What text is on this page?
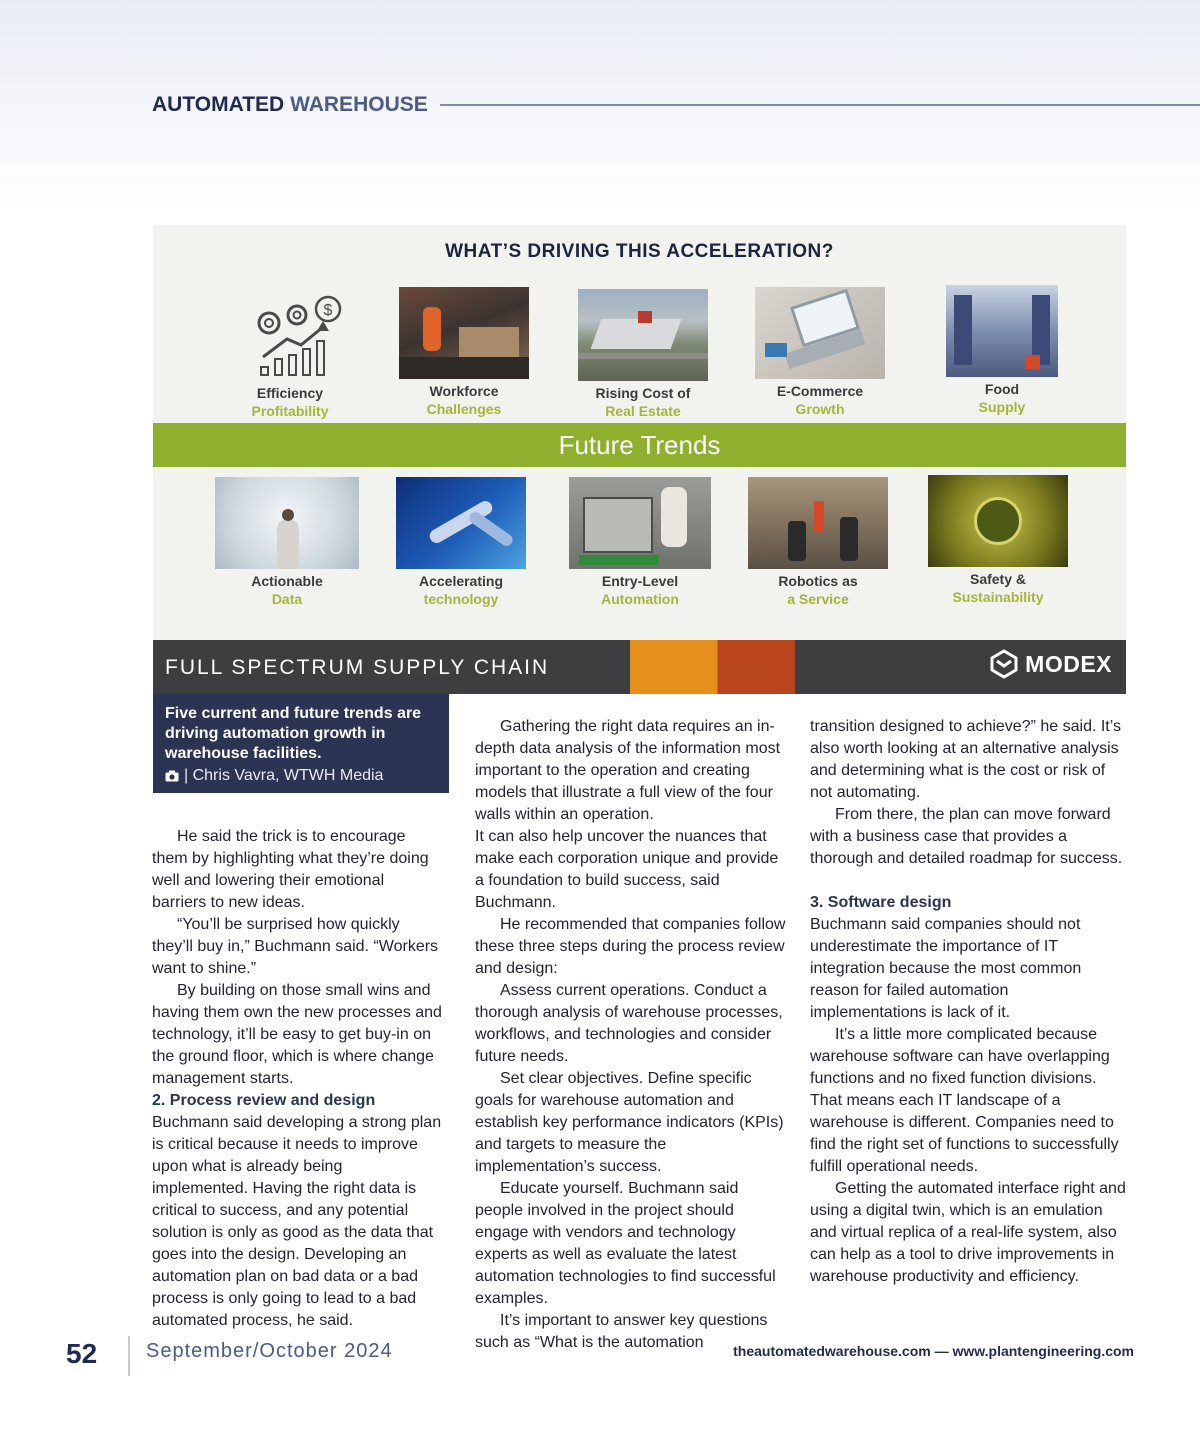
AUTOMATED WAREHOUSE
WHAT’S DRIVING THIS ACCELERATION?
$
Efficiency
Profitability
Workforce
Challenges
Rising Cost of
Real Estate
E-Commerce
Growth
Food
Supply
Future Trends
Actionable
Data
Accelerating
technology
Entry-Level
Automation
Robotics as
a Service
Safety &
Sustainability
FULL SPECTRUM SUPPLY CHAIN	MODEX
Five current and future trends are driving automation growth in warehouse facilities.
| Chris Vavra, WTWH Media

He said the trick is to encourage them by highlighting what they’re doing well and lowering their emotional barriers to new ideas.

“You’ll be surprised how quickly they’ll buy in,” Buchmann said. “Workers want to shine.”

By building on those small wins and having them own the new processes and technology, it’ll be easy to get buy-in on the ground floor, which is where change management starts.

2. Process review and design

Buchmann said developing a strong plan is critical because it needs to improve upon what is already being implemented. Having the right data is critical to success, and any potential solution is only as good as the data that goes into the design. Developing an automation plan on bad data or a bad process is only going to lead to a bad automated process, he said.

Gathering the right data requires an in-depth data analysis of the information most important to the operation and creating models that illustrate a full view of the four walls within an operation.

It can also help uncover the nuances that make each corporation unique and provide a foundation to build success, said Buchmann.

He recommended that companies follow these three steps during the process review and design:

Assess current operations. Conduct a thorough analysis of warehouse processes, workflows, and technologies and consider future needs.

Set clear objectives. Define specific goals for warehouse automation and establish key performance indicators (KPIs) and targets to measure the implementation’s success.

Educate yourself. Buchmann said people involved in the project should engage with vendors and technology experts as well as evaluate the latest automation technologies to find successful examples.

It’s important to answer key questions such as “What is the automation

transition designed to achieve?” he said. It’s also worth looking at an alternative analysis and determining what is the cost or risk of not automating.

From there, the plan can move forward with a business case that provides a thorough and detailed roadmap for success.

3. Software design

Buchmann said companies should not underestimate the importance of IT integration because the most common reason for failed automation implementations is lack of it.

It’s a little more complicated because warehouse software can have overlapping functions and no fixed function divisions. That means each IT landscape of a warehouse is different. Companies need to find the right set of functions to successfully fulfill operational needs.

Getting the automated interface right and using a digital twin, which is an emulation and virtual replica of a real-life system, also can help as a tool to drive improvements in warehouse productivity and efficiency.

52 September/October 2024	theautomatedwarehouse.com — www.plantengineering.com
